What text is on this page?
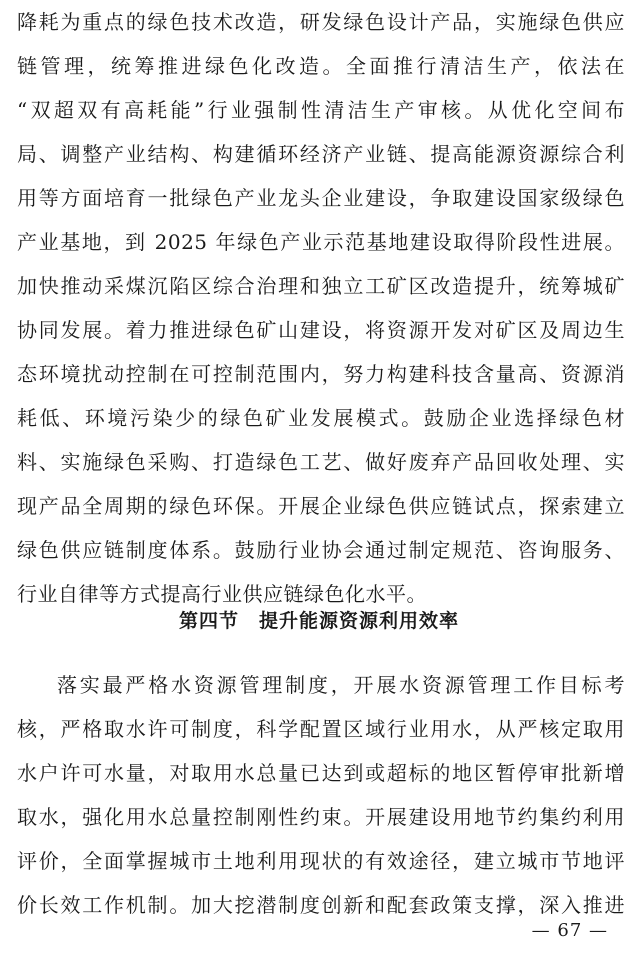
降耗为重点的绿色技术改造，研发绿色设计产品，实施绿色供应
链管理，统筹推进绿色化改造。全面推行清洁生产，依法在
“双超双有高耗能”行业强制性清洁生产审核。从优化空间布
局、调整产业结构、构建循环经济产业链、提高能源资源综合利
用等方面培育一批绿色产业龙头企业建设，争取建设国家级绿色
产业基地，到 2025 年绿色产业示范基地建设取得阶段性进展。
加快推动采煤沉陷区综合治理和独立工矿区改造提升，统筹城矿
协同发展。着力推进绿色矿山建设，将资源开发对矿区及周边生
态环境扰动控制在可控制范围内，努力构建科技含量高、资源消
耗低、环境污染少的绿色矿业发展模式。鼓励企业选择绿色材
料、实施绿色采购、打造绿色工艺、做好废弃产品回收处理、实
现产品全周期的绿色环保。开展企业绿色供应链试点，探索建立
绿色供应链制度体系。鼓励行业协会通过制定规范、咨询服务、
行业自律等方式提高行业供应链绿色化水平。
第四节　提升能源资源利用效率
落实最严格水资源管理制度，开展水资源管理工作目标考
核，严格取水许可制度，科学配置区域行业用水，从严核定取用
水户许可水量，对取用水总量已达到或超标的地区暂停审批新增
取水，强化用水总量控制刚性约束。开展建设用地节约集约利用
评价，全面掌握城市土地利用现状的有效途径，建立城市节地评
价长效工作机制。加大挖潜制度创新和配套政策支撑，深入推进
— 67 —
